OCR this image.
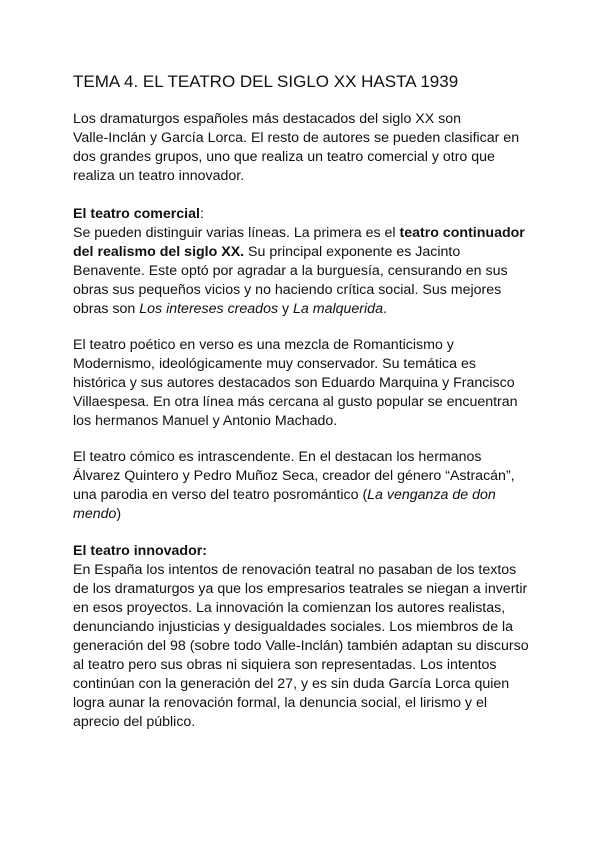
TEMA 4. EL TEATRO DEL SIGLO XX HASTA 1939

Los dramaturgos españoles más destacados del siglo XX son
Valle-Inclán y García Lorca. El resto de autores se pueden clasificar en
dos grandes grupos, uno que realiza un teatro comercial y otro que
realiza un teatro innovador.

El teatro comercial:
Se pueden distinguir varias líneas. La primera es el teatro continuador
del realismo del siglo XX. Su principal exponente es Jacinto
Benavente. Este optó por agradar a la burguesía, censurando en sus
obras sus pequeños vicios y no haciendo crítica social. Sus mejores
obras son Los intereses creados y La malquerida.

El teatro poético en verso es una mezcla de Romanticismo y
Modernismo, ideológicamente muy conservador. Su temática es
histórica y sus autores destacados son Eduardo Marquina y Francisco
Villaespesa. En otra línea más cercana al gusto popular se encuentran
los hermanos Manuel y Antonio Machado.

El teatro cómico es intrascendente. En el destacan los hermanos
Álvarez Quintero y Pedro Muñoz Seca, creador del género “Astracán”,
una parodia en verso del teatro posromántico (La venganza de don
mendo)

El teatro innovador:
En España los intentos de renovación teatral no pasaban de los textos
de los dramaturgos ya que los empresarios teatrales se niegan a invertir
en esos proyectos. La innovación la comienzan los autores realistas,
denunciando injusticias y desigualdades sociales. Los miembros de la
generación del 98 (sobre todo Valle-Inclán) también adaptan su discurso
al teatro pero sus obras ni siquiera son representadas. Los intentos
continúan con la generación del 27, y es sin duda García Lorca quien
logra aunar la renovación formal, la denuncia social, el lirismo y el
aprecio del público.
